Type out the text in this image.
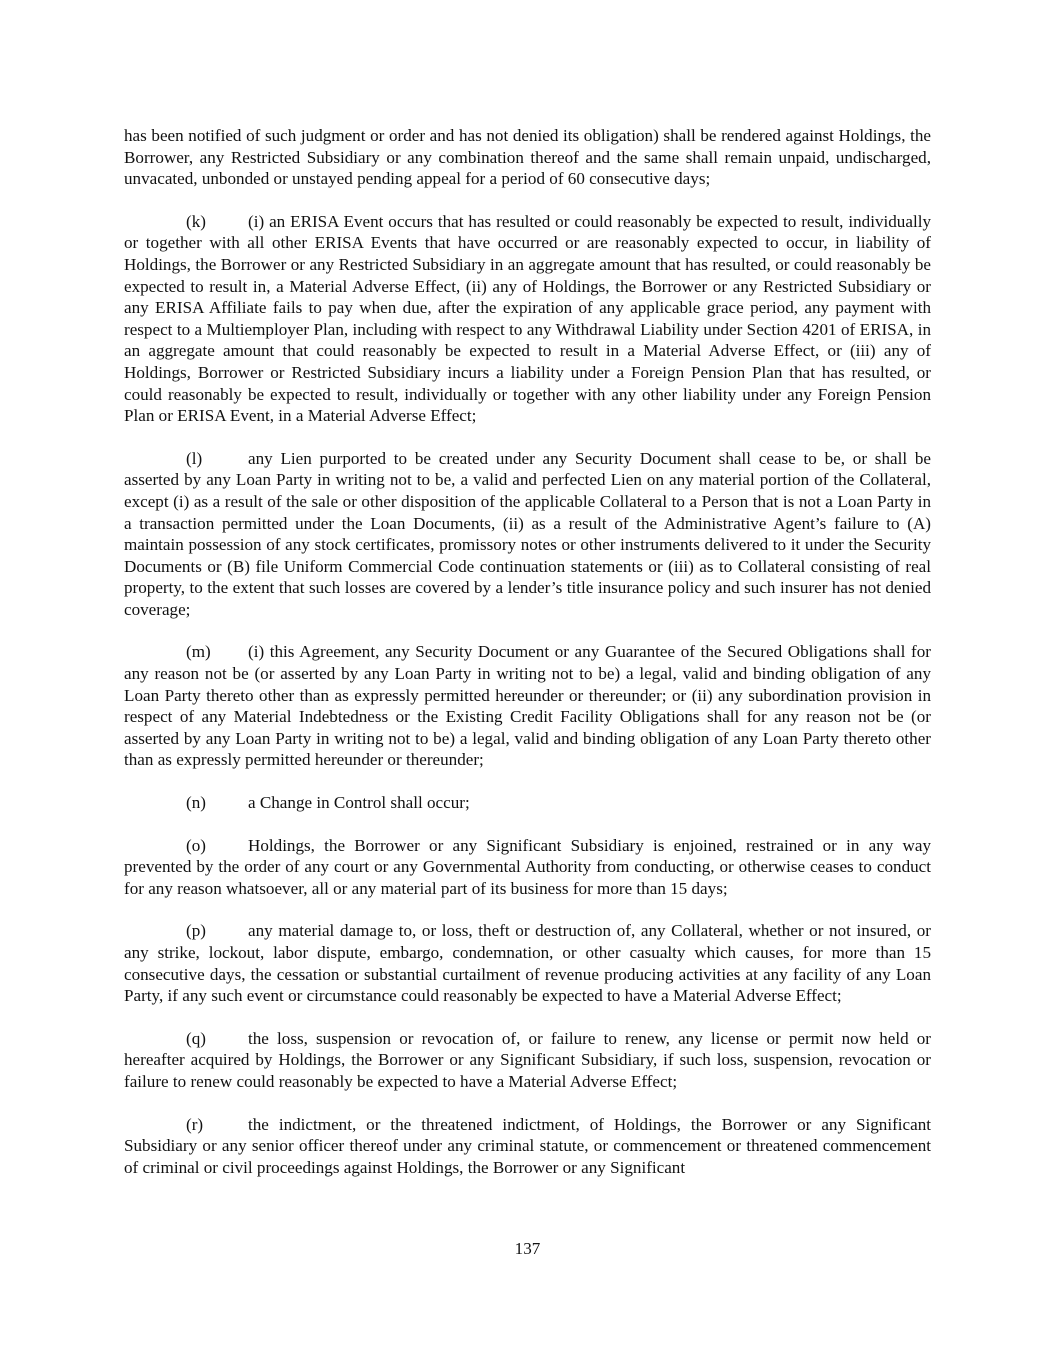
has been notified of such judgment or order and has not denied its obligation) shall be rendered against Holdings, the Borrower, any Restricted Subsidiary or any combination thereof and the same shall remain unpaid, undischarged, unvacated, unbonded or unstayed pending appeal for a period of 60 consecutive days;

(k) (i) an ERISA Event occurs that has resulted or could reasonably be expected to result, individually or together with all other ERISA Events that have occurred or are reasonably expected to occur, in liability of Holdings, the Borrower or any Restricted Subsidiary in an aggregate amount that has resulted, or could reasonably be expected to result in, a Material Adverse Effect, (ii) any of Holdings, the Borrower or any Restricted Subsidiary or any ERISA Affiliate fails to pay when due, after the expiration of any applicable grace period, any payment with respect to a Multiemployer Plan, including with respect to any Withdrawal Liability under Section 4201 of ERISA, in an aggregate amount that could reasonably be expected to result in a Material Adverse Effect, or (iii) any of Holdings, Borrower or Restricted Subsidiary incurs a liability under a Foreign Pension Plan that has resulted, or could reasonably be expected to result, individually or together with any other liability under any Foreign Pension Plan or ERISA Event, in a Material Adverse Effect;

(l)	any Lien purported to be created under any Security Document shall cease to be, or shall be asserted by any Loan Party in writing not to be, a valid and perfected Lien on any material portion of the Collateral, except (i) as a result of the sale or other disposition of the applicable Collateral to a Person that is not a Loan Party in a transaction permitted under the Loan Documents, (ii) as a result of the Administrative Agent’s failure to (A) maintain possession of any stock certificates, promissory notes or other instruments delivered to it under the Security Documents or (B) file Uniform Commercial Code continuation statements or (iii) as to Collateral consisting of real property, to the extent that such losses are covered by a lender’s title insurance policy and such insurer has not denied coverage;

(m) (i) this Agreement, any Security Document or any Guarantee of the Secured Obligations shall for any reason not be (or asserted by any Loan Party in writing not to be) a legal, valid and binding obligation of any Loan Party thereto other than as expressly permitted hereunder or thereunder; or (ii) any subordination provision in respect of any Material Indebtedness or the Existing Credit Facility Obligations shall for any reason not be (or asserted by any Loan Party in writing not to be) a legal, valid and binding obligation of any Loan Party thereto other than as expressly permitted hereunder or thereunder;

(n) a Change in Control shall occur;

(o) Holdings, the Borrower or any Significant Subsidiary is enjoined, restrained or in any way prevented by the order of any court or any Governmental Authority from conducting, or otherwise ceases to conduct for any reason whatsoever, all or any material part of its business for more than 15 days;

(p) any material damage to, or loss, theft or destruction of, any Collateral, whether or not insured, or any strike, lockout, labor dispute, embargo, condemnation, or other casualty which causes, for more than 15 consecutive days, the cessation or substantial curtailment of revenue producing activities at any facility of any Loan Party, if any such event or circumstance could reasonably be expected to have a Material Adverse Effect;

(q) the loss, suspension or revocation of, or failure to renew, any license or permit now held or hereafter acquired by Holdings, the Borrower or any Significant Subsidiary, if such loss, suspension, revocation or failure to renew could reasonably be expected to have a Material Adverse Effect;

(r)	the indictment, or the threatened indictment, of Holdings, the Borrower or any Significant Subsidiary or any senior officer thereof under any criminal statute, or commencement or threatened commencement of criminal or civil proceedings against Holdings, the Borrower or any Significant

137
